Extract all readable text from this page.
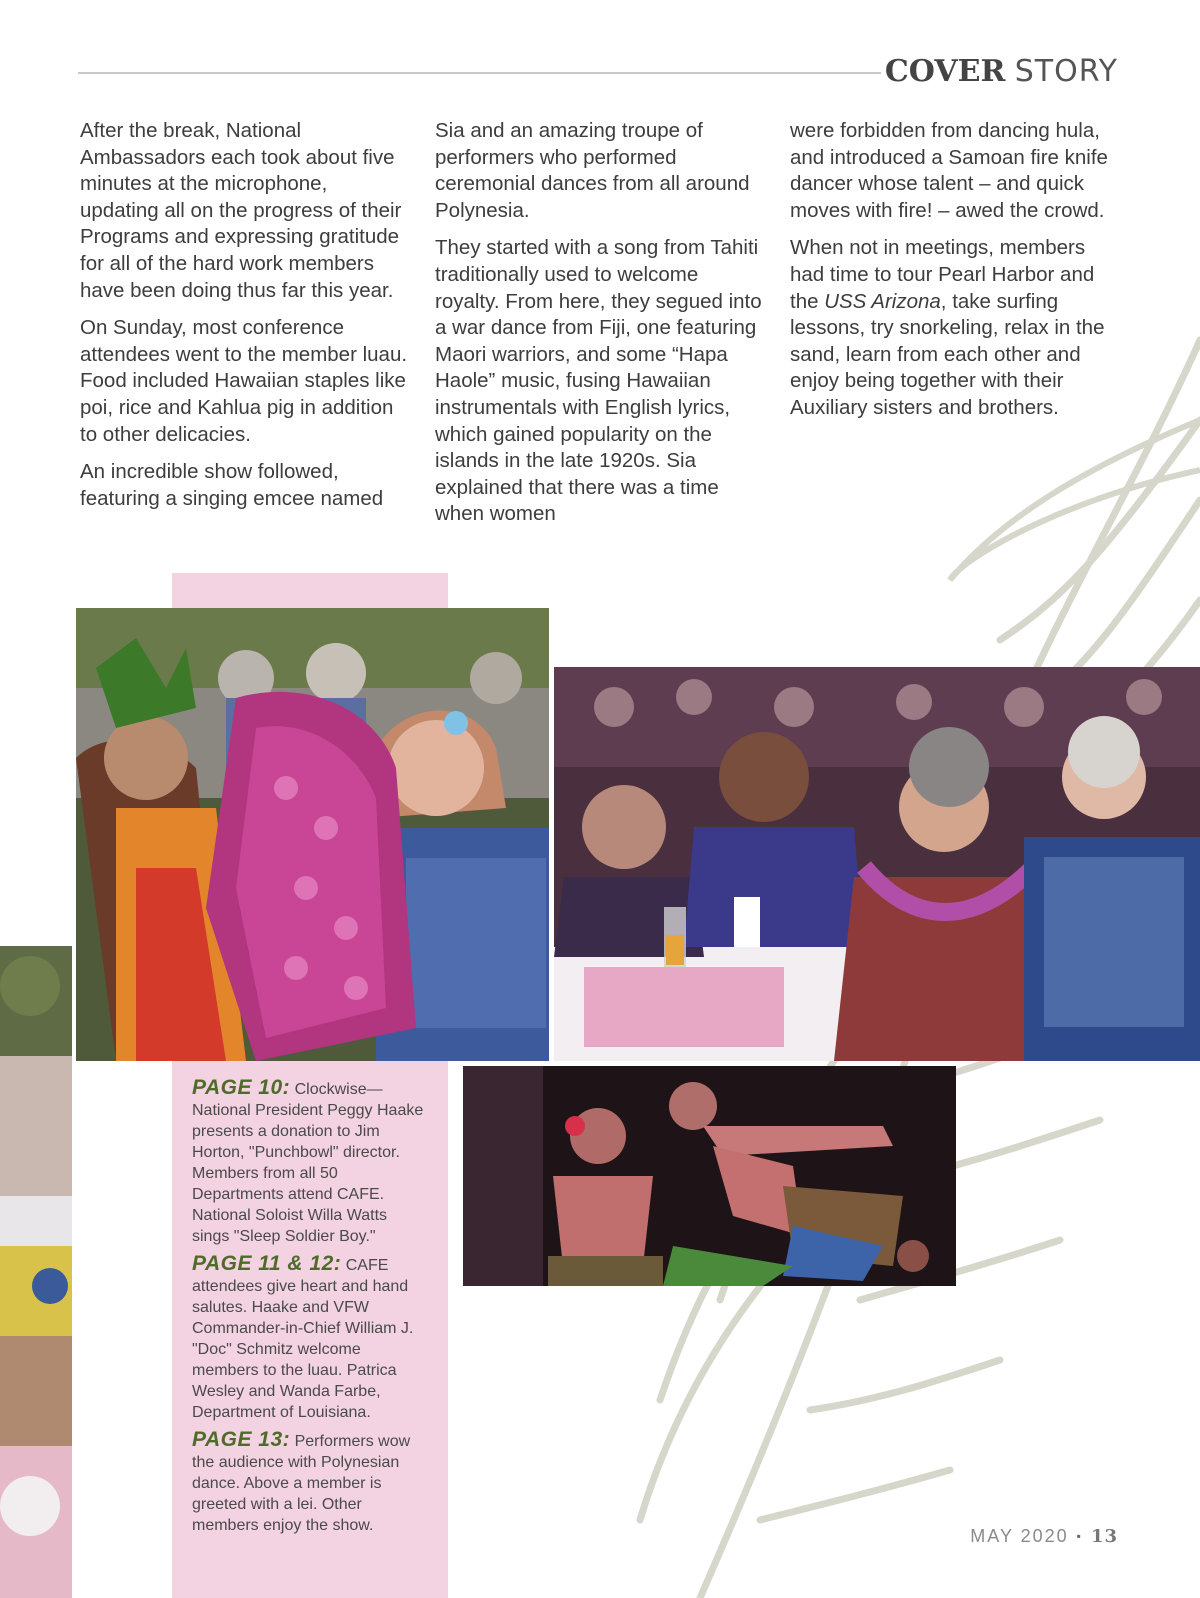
COVER STORY

After the break, National Ambassadors each took about five minutes at the microphone, updating all on the progress of their Programs and expressing gratitude for all of the hard work members have been doing thus far this year.

On Sunday, most conference attendees went to the member luau. Food included Hawaiian staples like poi, rice and Kahlua pig in addition to other delicacies.

An incredible show followed, featuring a singing emcee named

Sia and an amazing troupe of performers who performed ceremonial dances from all around Polynesia.

They started with a song from Tahiti traditionally used to welcome royalty. From here, they segued into a war dance from Fiji, one featuring Maori warriors, and some “Hapa Haole” music, fusing Hawaiian instrumentals with English lyrics, which gained popularity on the islands in the late 1920s. Sia explained that there was a time when women

were forbidden from dancing hula, and introduced a Samoan fire knife dancer whose talent – and quick moves with fire! – awed the crowd.

When not in meetings, members had time to tour Pearl Harbor and the USS Arizona, take surfing lessons, try snorkeling, relax in the sand, learn from each other and enjoy being together with their Auxiliary sisters and brothers.

PAGE 10: Clockwise—National President Peggy Haake presents a donation to Jim Horton, "Punchbowl" director. Members from all 50 Departments attend CAFE. National Soloist Willa Watts sings "Sleep Soldier Boy."

PAGE 11 & 12: CAFE attendees give heart and hand salutes. Haake and VFW Commander-in-Chief William J. "Doc" Schmitz welcome members to the luau. Patrica Wesley and Wanda Farbe, Department of Louisiana.

PAGE 13: Performers wow the audience with Polynesian dance. Above a member is greeted with a lei. Other members enjoy the show.

MAY 2020 ▪ 13
